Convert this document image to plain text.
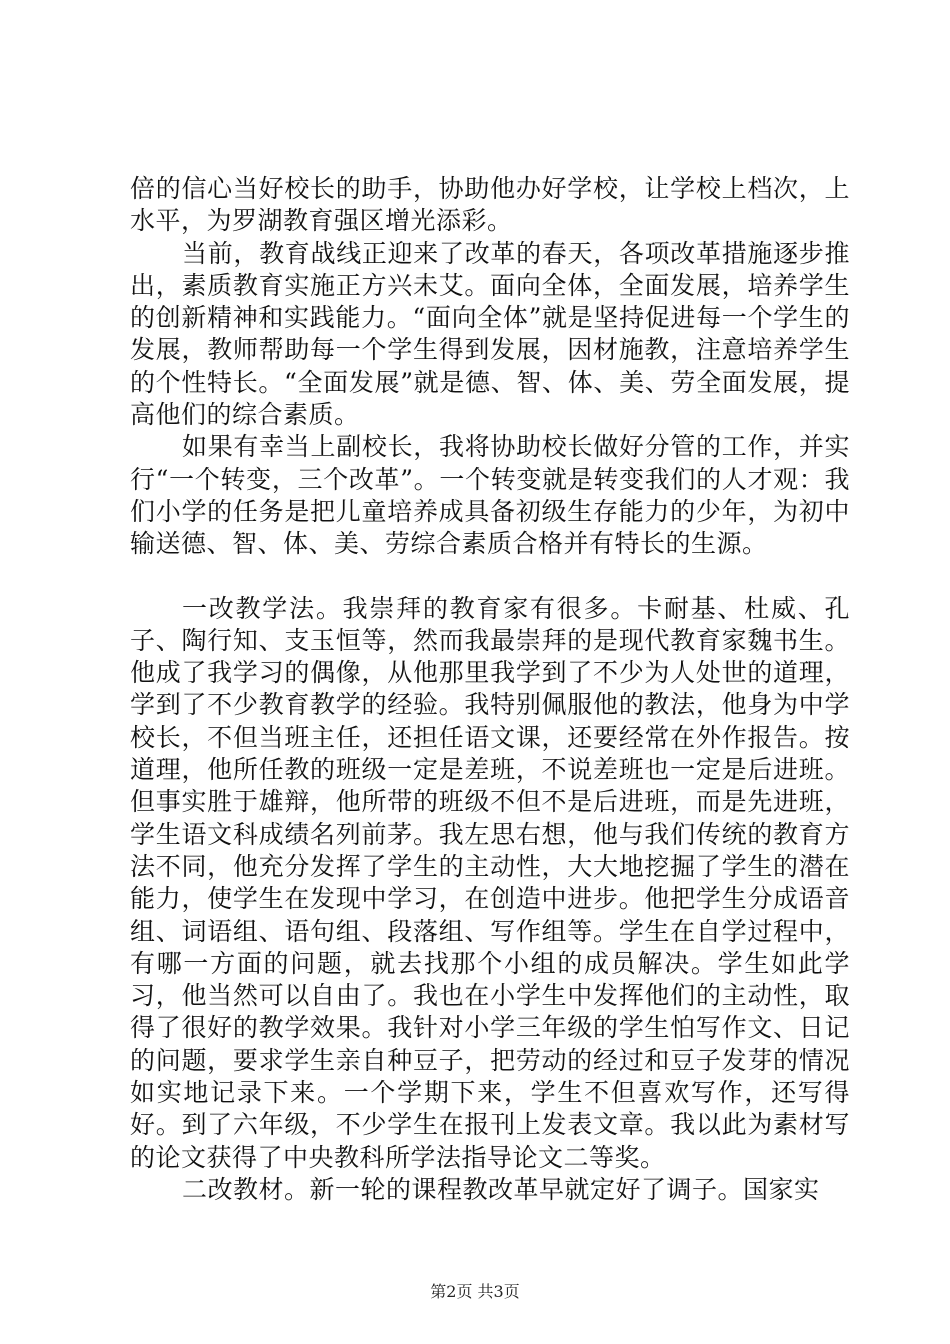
倍的信心当好校长的助手，协助他办好学校，让学校上档次，上水平，为罗湖教育强区增光添彩。

当前，教育战线正迎来了改革的春天，各项改革措施逐步推出，素质教育实施正方兴未艾。面向全体，全面发展，培养学生的创新精神和实践能力。“面向全体”就是坚持促进每一个学生的发展，教师帮助每一个学生得到发展，因材施教，注意培养学生的个性特长。“全面发展”就是德、智、体、美、劳全面发展，提高他们的综合素质。

如果有幸当上副校长，我将协助校长做好分管的工作，并实行“一个转变，三个改革”。一个转变就是转变我们的人才观：我们小学的任务是把儿童培养成具备初级生存能力的少年，为初中输送德、智、体、美、劳综合素质合格并有特长的生源。

一改教学法。我崇拜的教育家有很多。卡耐基、杜威、孔子、陶行知、支玉恒等，然而我最崇拜的是现代教育家魏书生。他成了我学习的偶像，从他那里我学到了不少为人处世的道理，学到了不少教育教学的经验。我特别佩服他的教法，他身为中学校长，不但当班主任，还担任语文课，还要经常在外作报告。按道理，他所任教的班级一定是差班，不说差班也一定是后进班。但事实胜于雄辩，他所带的班级不但不是后进班，而是先进班，学生语文科成绩名列前茅。我左思右想，他与我们传统的教育方法不同，他充分发挥了学生的主动性，大大地挖掘了学生的潜在能力，使学生在发现中学习，在创造中进步。他把学生分成语音组、词语组、语句组、段落组、写作组等。学生在自学过程中，有哪一方面的问题，就去找那个小组的成员解决。学生如此学习，他当然可以自由了。我也在小学生中发挥他们的主动性，取得了很好的教学效果。我针对小学三年级的学生怕写作文、日记的问题，要求学生亲自种豆子，把劳动的经过和豆子发芽的情况如实地记录下来。一个学期下来，学生不但喜欢写作，还写得好。到了六年级，不少学生在报刊上发表文章。我以此为素材写的论文获得了中央教科所学法指导论文二等奖。

二改教材。新一轮的课程教改革早就定好了调子。国家实

第2页 共3页
